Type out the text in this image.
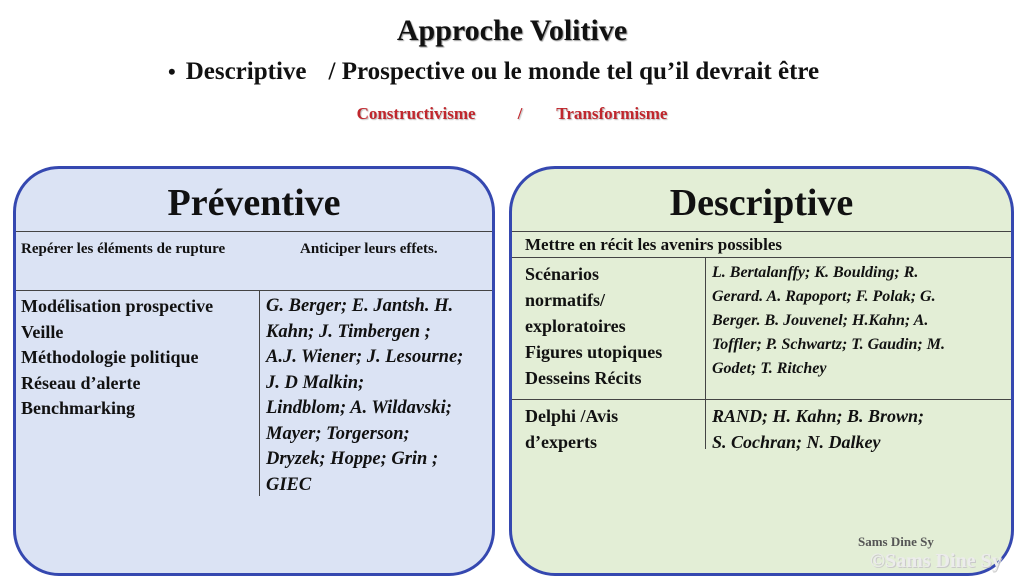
Approche Volitive
• Descriptive / Prospective ou le monde tel qu’il devrait être
Constructivisme / Transformisme
Préventive
Repérer les éléments de rupture	Anticiper leurs effets.
Modélisation prospective
Veille
Méthodologie politique
Réseau d’alerte
Benchmarking
G. Berger; E. Jantsh. H.
Kahn; J. Timbergen ;
A.J. Wiener; J. Lesourne;
J. D Malkin;
Lindblom; A. Wildavski;
Mayer; Torgerson;
Dryzek; Hoppe; Grin ;
GIEC
Descriptive
Mettre en récit les avenirs possibles
Scénarios
normatifs/
exploratoires
Figures utopiques
Desseins Récits
L. Bertalanffy; K. Boulding; R.
Gerard. A. Rapoport; F. Polak; G.
Berger. B. Jouvenel; H.Kahn; A.
Toffler; P. Schwartz; T. Gaudin; M.
Godet; T. Ritchey
Delphi /Avis
d’experts
RAND; H. Kahn; B. Brown;
S. Cochran; N. Dalkey
Sams Dine Sy
©Sams Dine Sy
